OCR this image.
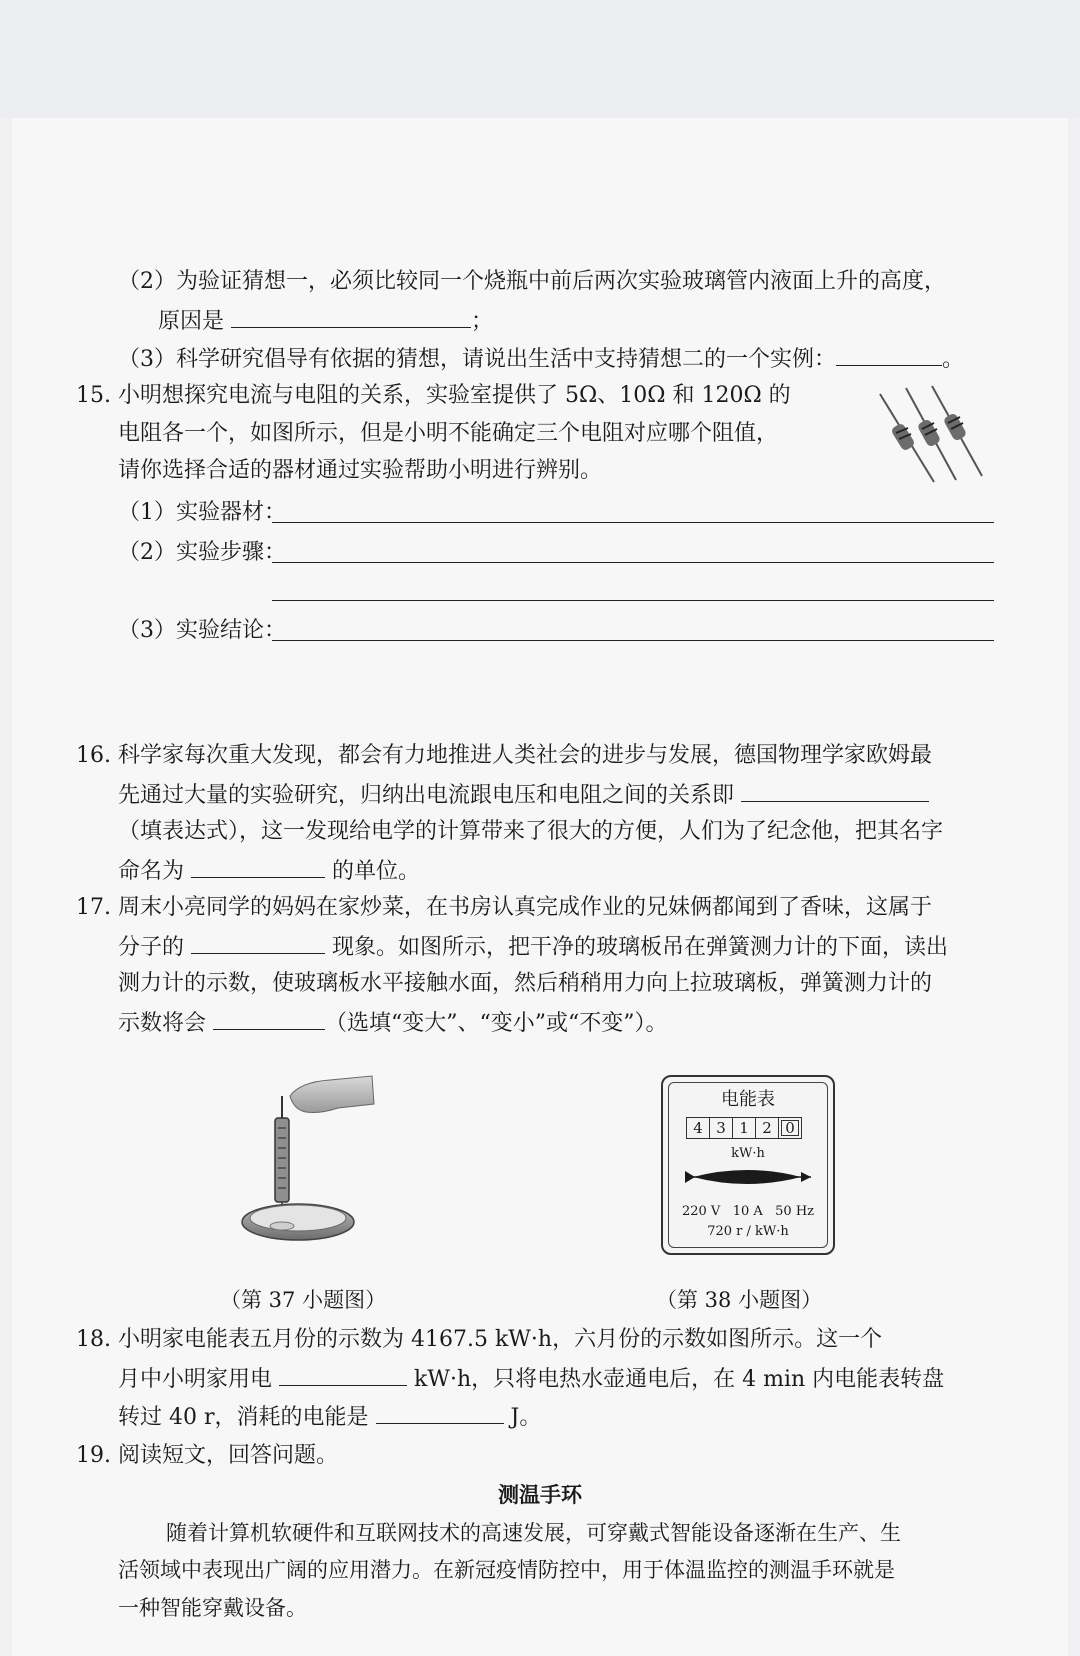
（2）为验证猜想一，必须比较同一个烧瓶中前后两次实验玻璃管内液面上升的高度，
原因是	；
（3）科学研究倡导有依据的猜想，请说出生活中支持猜想二的一个实例：	。
15. 小明想探究电流与电阻的关系，实验室提供了 5Ω、10Ω 和 120Ω 的
电阻各一个，如图所示，但是小明不能确定三个电阻对应哪个阻值，
请你选择合适的器材通过实验帮助小明进行辨别。
（1）实验器材：
（2）实验步骤：
（3）实验结论：
16. 科学家每次重大发现，都会有力地推进人类社会的进步与发展，德国物理学家欧姆最
先通过大量的实验研究，归纳出电流跟电压和电阻之间的关系即
（填表达式），这一发现给电学的计算带来了很大的方便，人们为了纪念他，把其名字
命名为	的单位。
17. 周末小亮同学的妈妈在家炒菜，在书房认真完成作业的兄妹俩都闻到了香味，这属于
分子的	现象。如图所示，把干净的玻璃板吊在弹簧测力计的下面，读出
测力计的示数，使玻璃板水平接触水面，然后稍稍用力向上拉玻璃板，弹簧测力计的
示数将会	（选填“变大”、“变小”或“不变”）。
（第 37 小题图）
电能表
4 3 1 2 0
kW·h
220 V   10 A   50 Hz
720 r / kW·h
（第 38 小题图）
18. 小明家电能表五月份的示数为 4167.5 kW·h，六月份的示数如图所示。这一个
月中小明家用电	kW·h，只将电热水壶通电后，在 4 min 内电能表转盘
转过 40 r，消耗的电能是	J。
19. 阅读短文，回答问题。
测温手环
随着计算机软硬件和互联网技术的高速发展，可穿戴式智能设备逐渐在生产、生
活领域中表现出广阔的应用潜力。在新冠疫情防控中，用于体温监控的测温手环就是
一种智能穿戴设备。
